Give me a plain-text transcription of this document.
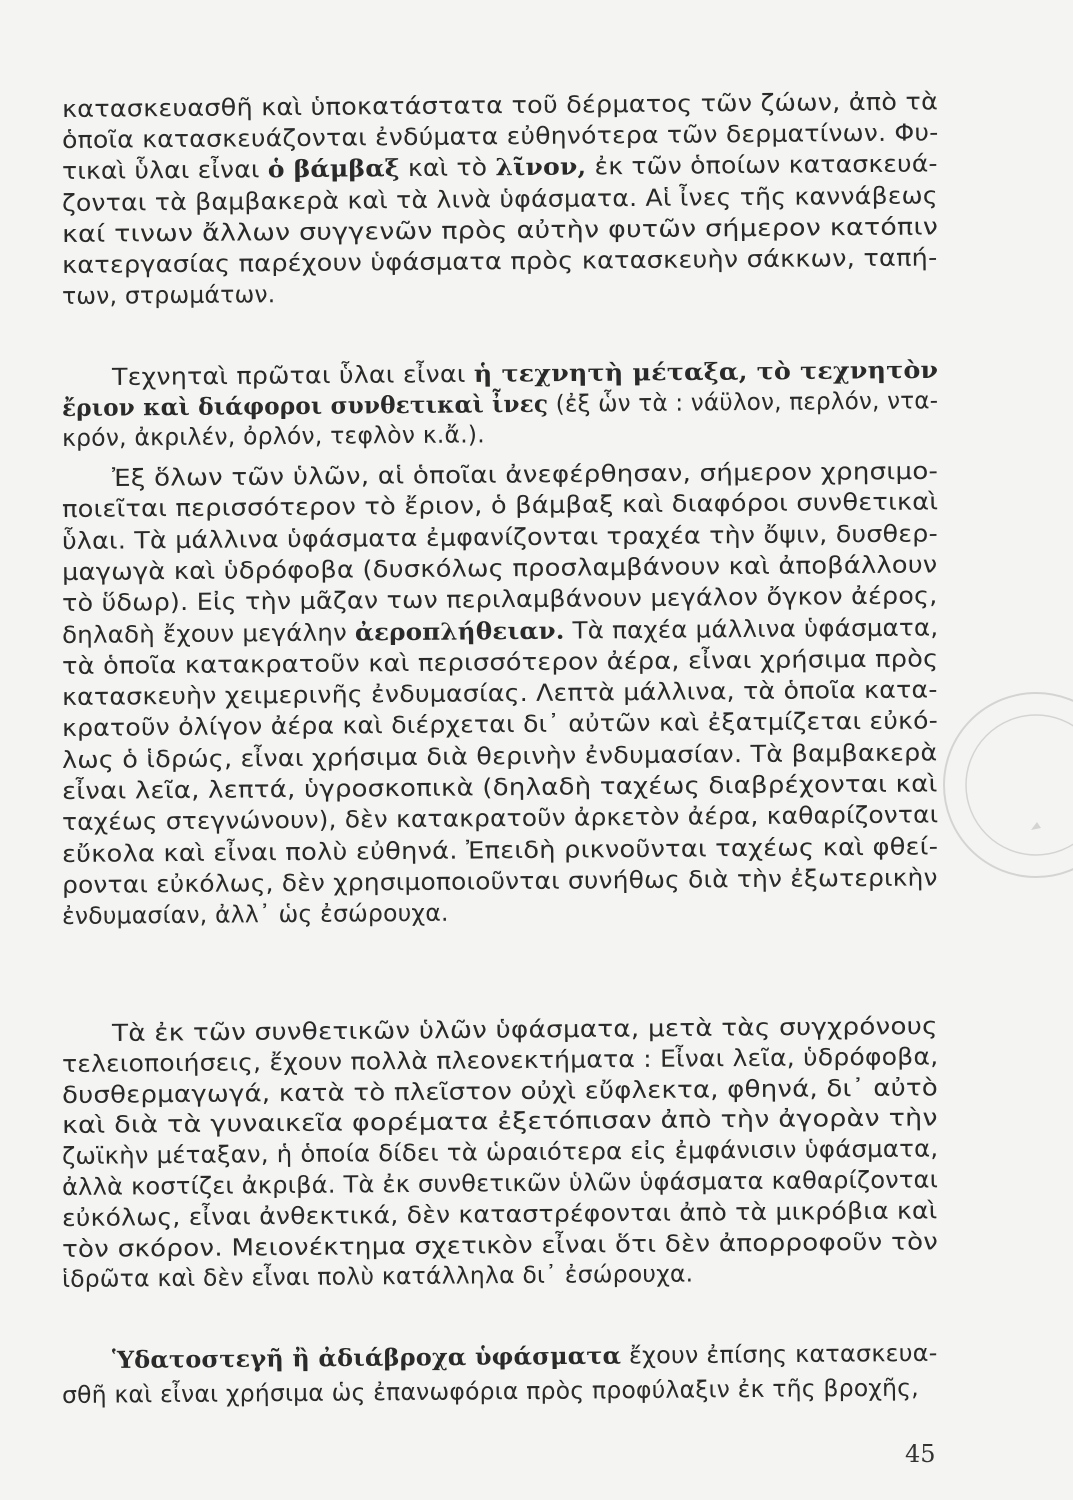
κατασκευασθῆ καὶ ὑποκατάστατα τοῦ δέρματος τῶν ζώων, ἀπὸ τὰ
ὁποῖα κατασκευάζονται ἐνδύματα εὐθηνότερα τῶν δερματίνων. Φυ-
τικαὶ ὗλαι εἶναι ὁ βάμβαξ καὶ τὸ λῖνον, ἐκ τῶν ὁποίων κατασκευά-
ζονται τὰ βαμβακερὰ καὶ τὰ λινὰ ὑφάσματα. Αἱ ἶνες τῆς καννάβεως
καί τινων ἄλλων συγγενῶν πρὸς αὐτὴν φυτῶν σήμερον κατόπιν
κατεργασίας παρέχουν ὑφάσματα πρὸς κατασκευὴν σάκκων, ταπή-
των, στρωμάτων.
Τεχνηταὶ πρῶται ὗλαι εἶναι ἡ τεχνητὴ μέταξα, τὸ τεχνητὸν
ἔριον καὶ διάφοροι συνθετικαὶ ἶνες (ἐξ ὧν τὰ : νάϋλον, περλόν, ντα-
κρόν, ἀκριλέν, ὀρλόν, τεφλὸν κ.ἄ.).
Ἐξ ὅλων τῶν ὑλῶν, αἱ ὁποῖαι ἀνεφέρθησαν, σήμερον χρησιμο-
ποιεῖται περισσότερον τὸ ἔριον, ὁ βάμβαξ καὶ διαφόροι συνθετικαὶ
ὗλαι. Τὰ μάλλινα ὑφάσματα ἐμφανίζονται τραχέα τὴν ὄψιν, δυσθερ-
μαγωγὰ καὶ ὑδρόφοβα (δυσκόλως προσλαμβάνουν καὶ ἀποβάλλουν
τὸ ὕδωρ). Εἰς τὴν μᾶζαν των περιλαμβάνουν μεγάλον ὄγκον ἀέρος,
δηλαδὴ ἔχουν μεγάλην ἀεροπλήθειαν. Τὰ παχέα μάλλινα ὑφάσματα,
τὰ ὁποῖα κατακρατοῦν καὶ περισσότερον ἀέρα, εἶναι χρήσιμα πρὸς
κατασκευὴν χειμερινῆς ἐνδυμασίας. Λεπτὰ μάλλινα, τὰ ὁποῖα κατα-
κρατοῦν ὀλίγον ἀέρα καὶ διέρχεται δι᾿ αὐτῶν καὶ ἐξατμίζεται εὐκό-
λως ὁ ἱδρώς, εἶναι χρήσιμα διὰ θερινὴν ἐνδυμασίαν. Τὰ βαμβακερὰ
εἶναι λεῖα, λεπτά, ὑγροσκοπικὰ (δηλαδὴ ταχέως διαβρέχονται καὶ
ταχέως στεγνώνουν), δὲν κατακρατοῦν ἀρκετὸν ἀέρα, καθαρίζονται
εὔκολα καὶ εἶναι πολὺ εὐθηνά. Ἐπειδὴ ρικνοῦνται ταχέως καὶ φθεί-
ρονται εὐκόλως, δὲν χρησιμοποιοῦνται συνήθως διὰ τὴν ἐξωτερικὴν
ἐνδυμασίαν, ἀλλ᾿ ὡς ἐσώρουχα.
Τὰ ἐκ τῶν συνθετικῶν ὑλῶν ὑφάσματα, μετὰ τὰς συγχρόνους
τελειοποιήσεις, ἔχουν πολλὰ πλεονεκτήματα : Εἶναι λεῖα, ὑδρόφοβα,
δυσθερμαγωγά, κατὰ τὸ πλεῖστον οὐχὶ εὔφλεκτα, φθηνά, δι᾿ αὐτὸ
καὶ διὰ τὰ γυναικεῖα φορέματα ἐξετόπισαν ἀπὸ τὴν ἀγορὰν τὴν
ζωϊκὴν μέταξαν, ἡ ὁποία δίδει τὰ ὡραιότερα εἰς ἐμφάνισιν ὑφάσματα,
ἀλλὰ κοστίζει ἀκριβά. Τὰ ἐκ συνθετικῶν ὑλῶν ὑφάσματα καθαρίζονται
εὐκόλως, εἶναι ἀνθεκτικά, δὲν καταστρέφονται ἀπὸ τὰ μικρόβια καὶ
τὸν σκόρον. Μειονέκτημα σχετικὸν εἶναι ὅτι δὲν ἀπορροφοῦν τὸν
ἱδρῶτα καὶ δὲν εἶναι πολὺ κατάλληλα δι᾿ ἐσώρουχα.
Ὑδατοστεγῆ ἢ ἀδιάβροχα ὑφάσματα ἔχουν ἐπίσης κατασκευα-
σθῆ καὶ εἶναι χρήσιμα ὡς ἐπανωφόρια πρὸς προφύλαξιν ἐκ τῆς βροχῆς,
45
